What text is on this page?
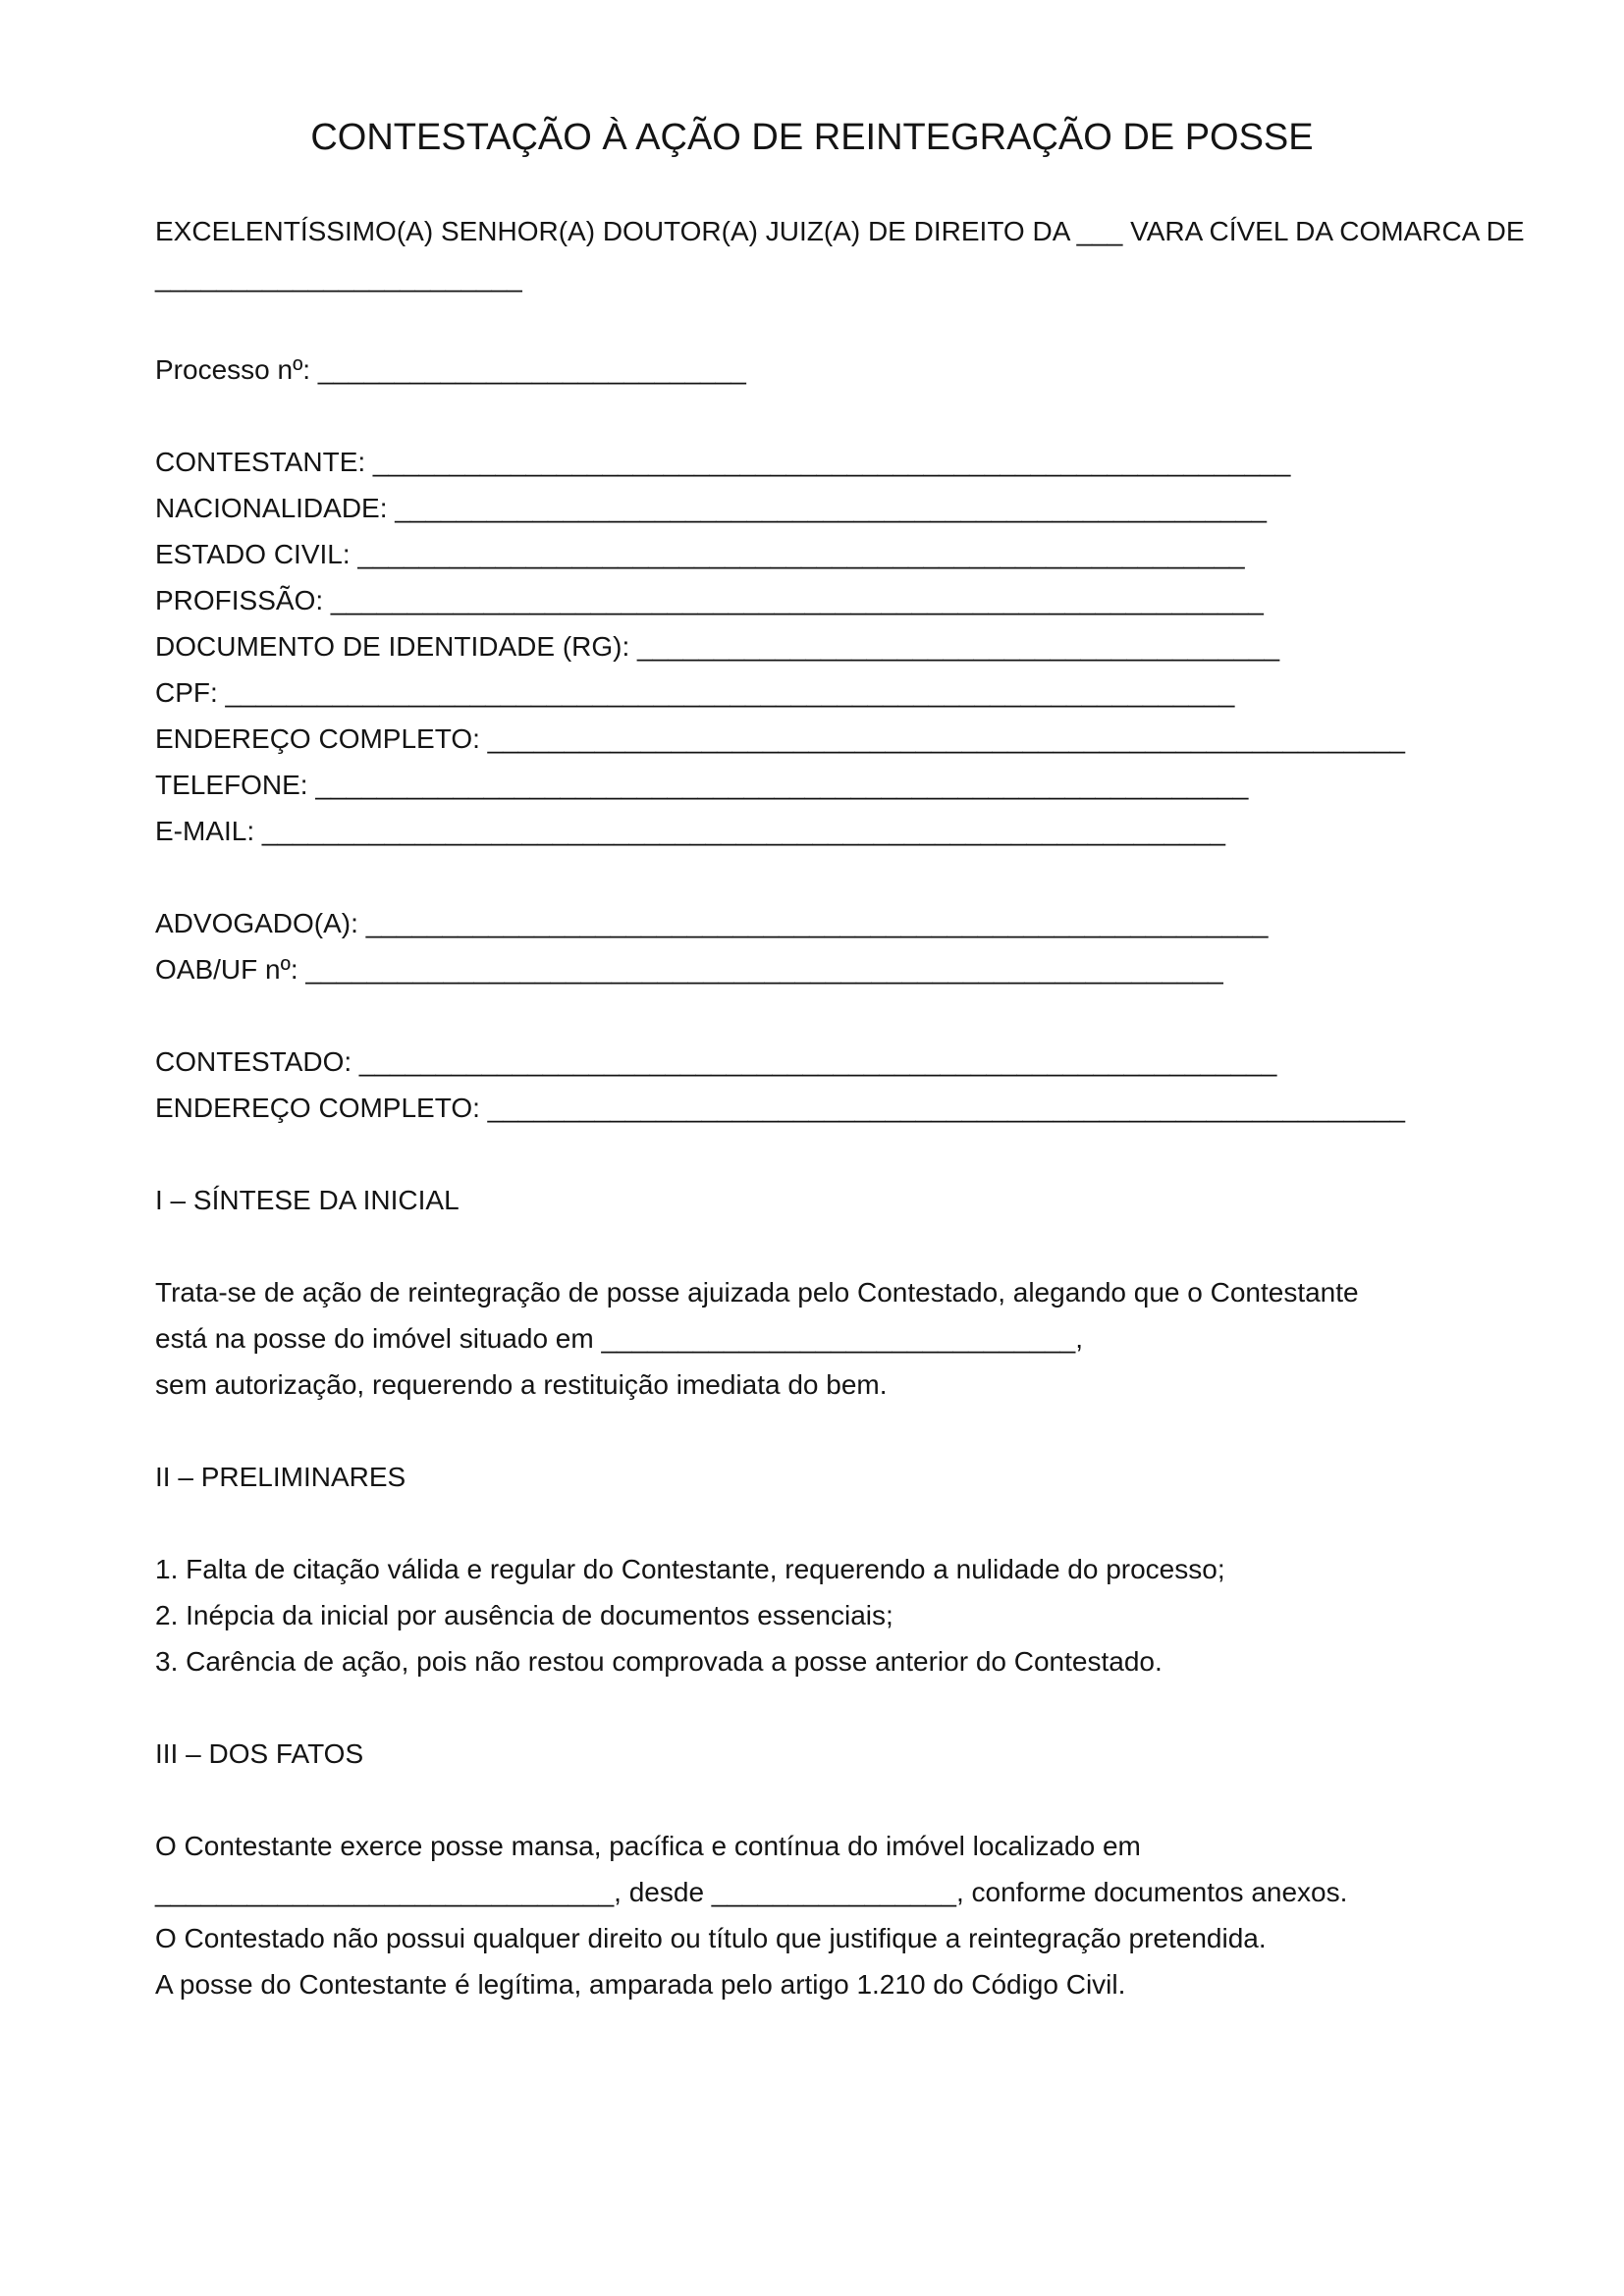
CONTESTAÇÃO À AÇÃO DE REINTEGRAÇÃO DE POSSE
EXCELENTÍSSIMO(A) SENHOR(A) DOUTOR(A) JUIZ(A) DE DIREITO DA ___ VARA CÍVEL DA COMARCA DE
________________________
Processo nº: ____________________________
CONTESTANTE: ____________________________________________________________
NACIONALIDADE: _________________________________________________________
ESTADO CIVIL: __________________________________________________________
PROFISSÃO: _____________________________________________________________
DOCUMENTO DE IDENTIDADE (RG): __________________________________________
CPF: __________________________________________________________________
ENDEREÇO COMPLETO: ____________________________________________________________
TELEFONE: _____________________________________________________________
E-MAIL: _______________________________________________________________
ADVOGADO(A): ___________________________________________________________
OAB/UF nº: ____________________________________________________________
CONTESTADO: ____________________________________________________________
ENDEREÇO COMPLETO: ____________________________________________________________
I – SÍNTESE DA INICIAL
Trata-se de ação de reintegração de posse ajuizada pelo Contestado, alegando que o Contestante
está na posse do imóvel situado em _______________________________,
sem autorização, requerendo a restituição imediata do bem.
II – PRELIMINARES
1. Falta de citação válida e regular do Contestante, requerendo a nulidade do processo;
2. Inépcia da inicial por ausência de documentos essenciais;
3. Carência de ação, pois não restou comprovada a posse anterior do Contestado.
III – DOS FATOS
O Contestante exerce posse mansa, pacífica e contínua do imóvel localizado em
______________________________, desde ________________, conforme documentos anexos.
O Contestado não possui qualquer direito ou título que justifique a reintegração pretendida.
A posse do Contestante é legítima, amparada pelo artigo 1.210 do Código Civil.
